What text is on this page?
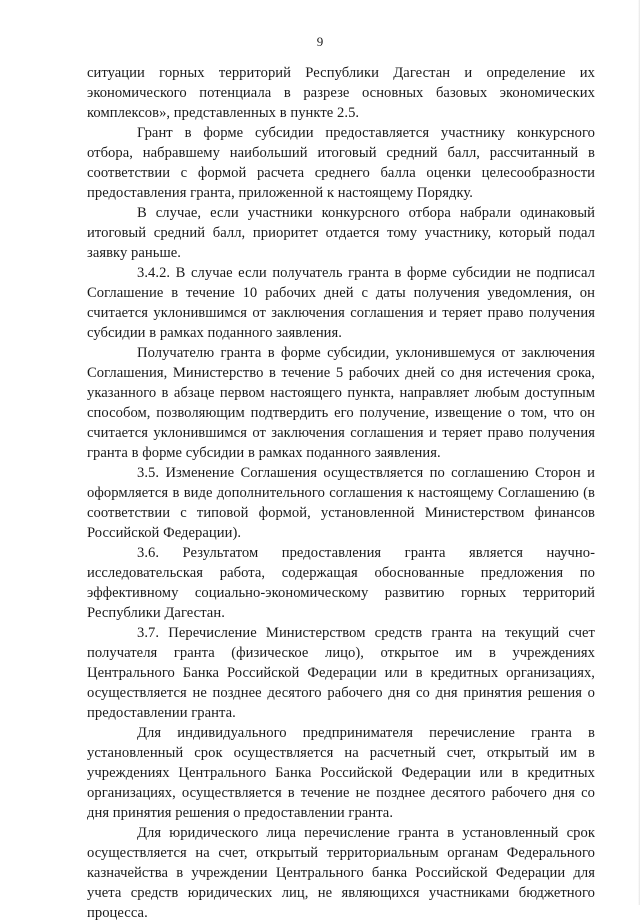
9

ситуации горных территорий Республики Дагестан и определение их экономического потенциала в разрезе основных базовых экономических комплексов», представленных в пункте 2.5.

Грант в форме субсидии предоставляется участнику конкурсного отбора, набравшему наибольший итоговый средний балл, рассчитанный в соответствии с формой расчета среднего балла оценки целесообразности предоставления гранта, приложенной к настоящему Порядку.

В случае, если участники конкурсного отбора набрали одинаковый итоговый средний балл, приоритет отдается тому участнику, который подал заявку раньше.

3.4.2. В случае если получатель гранта в форме субсидии не подписал Соглашение в течение 10 рабочих дней с даты получения уведомления, он считается уклонившимся от заключения соглашения и теряет право получения субсидии в рамках поданного заявления.

Получателю гранта в форме субсидии, уклонившемуся от заключения Соглашения, Министерство в течение 5 рабочих дней со дня истечения срока, указанного в абзаце первом настоящего пункта, направляет любым доступным способом, позволяющим подтвердить его получение, извещение о том, что он считается уклонившимся от заключения соглашения и теряет право получения гранта в форме субсидии в рамках поданного заявления.

3.5. Изменение Соглашения осуществляется по соглашению Сторон и оформляется в виде дополнительного соглашения к настоящему Соглашению (в соответствии с типовой формой, установленной Министерством финансов Российской Федерации).

3.6. Результатом предоставления гранта является научно-исследовательская работа, содержащая обоснованные предложения по эффективному социально-экономическому развитию горных территорий Республики Дагестан.

3.7. Перечисление Министерством средств гранта на текущий счет получателя гранта (физическое лицо), открытое им в учреждениях Центрального Банка Российской Федерации или в кредитных организациях, осуществляется не позднее десятого рабочего дня со дня принятия решения о предоставлении гранта.

Для индивидуального предпринимателя перечисление гранта в установленный срок осуществляется на расчетный счет, открытый им в учреждениях Центрального Банка Российской Федерации или в кредитных организациях, осуществляется в течение не позднее десятого рабочего дня со дня принятия решения о предоставлении гранта.

Для юридического лица перечисление гранта в установленный срок осуществляется на счет, открытый территориальным органам Федерального казначейства в учреждении Центрального банка Российской Федерации для учета средств юридических лиц, не являющихся участниками бюджетного процесса.
